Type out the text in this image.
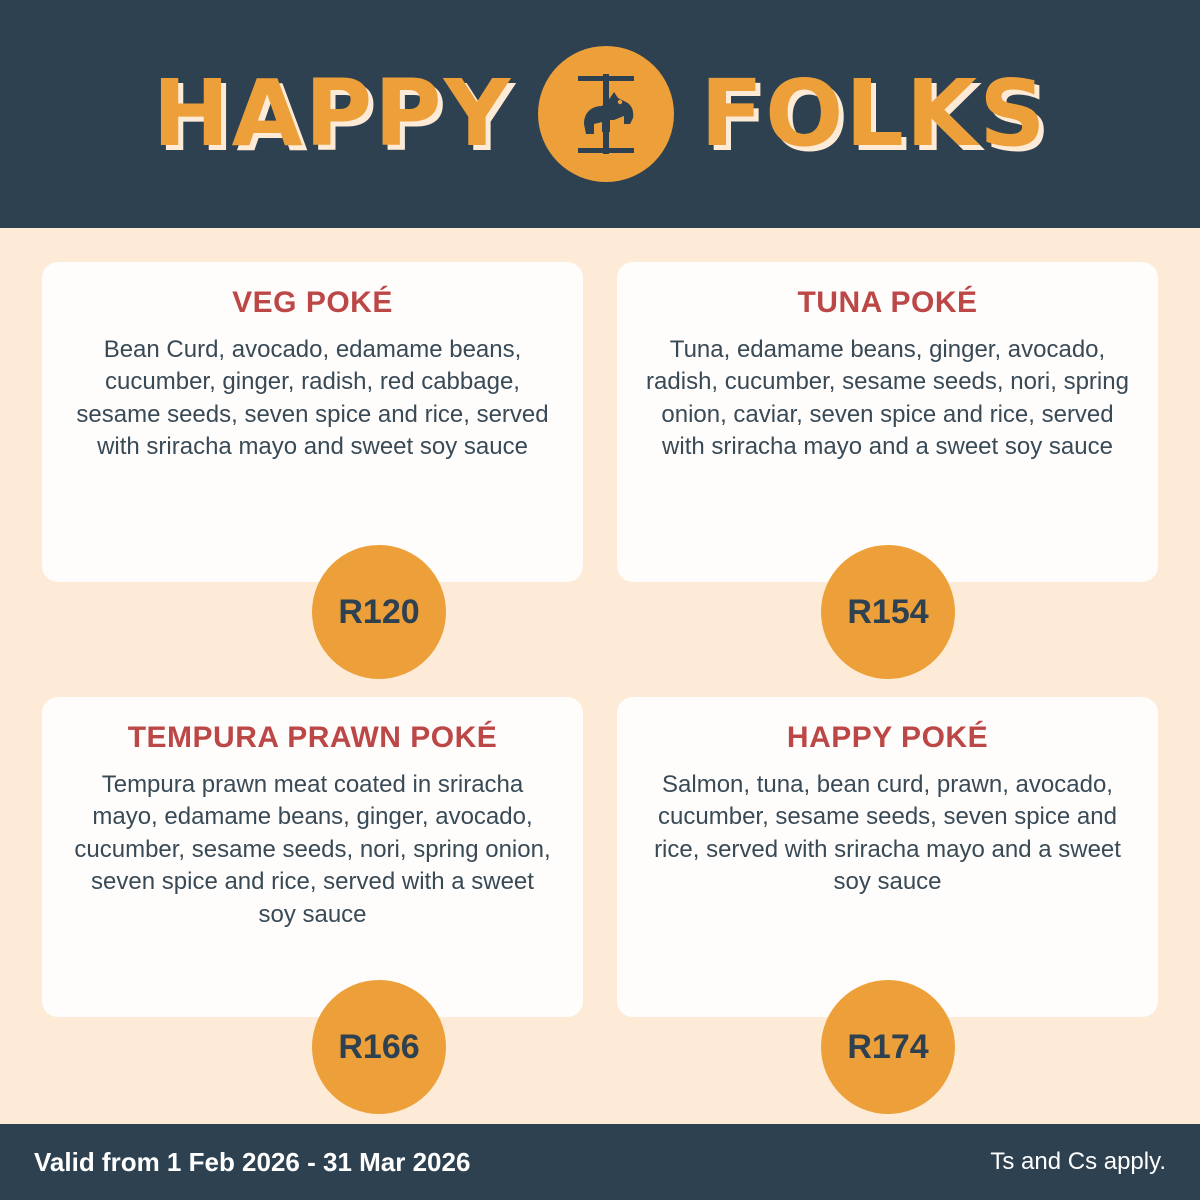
HAPPY FOLKS
VEG POKÉ
Bean Curd, avocado, edamame beans, cucumber, ginger, radish, red cabbage, sesame seeds, seven spice and rice, served with sriracha mayo and sweet soy sauce
R120
TUNA POKÉ
Tuna, edamame beans, ginger, avocado, radish, cucumber, sesame seeds, nori, spring onion, caviar, seven spice and rice, served with sriracha mayo and a sweet soy sauce
R154
TEMPURA PRAWN POKÉ
Tempura prawn meat coated in sriracha mayo, edamame beans, ginger, avocado, cucumber, sesame seeds, nori, spring onion, seven spice and rice, served with a sweet soy sauce
R166
HAPPY POKÉ
Salmon, tuna, bean curd, prawn, avocado, cucumber, sesame seeds, seven spice and rice, served with sriracha mayo and a sweet soy sauce
R174
Valid from 1 Feb 2026 - 31 Mar 2026	Ts and Cs apply.
